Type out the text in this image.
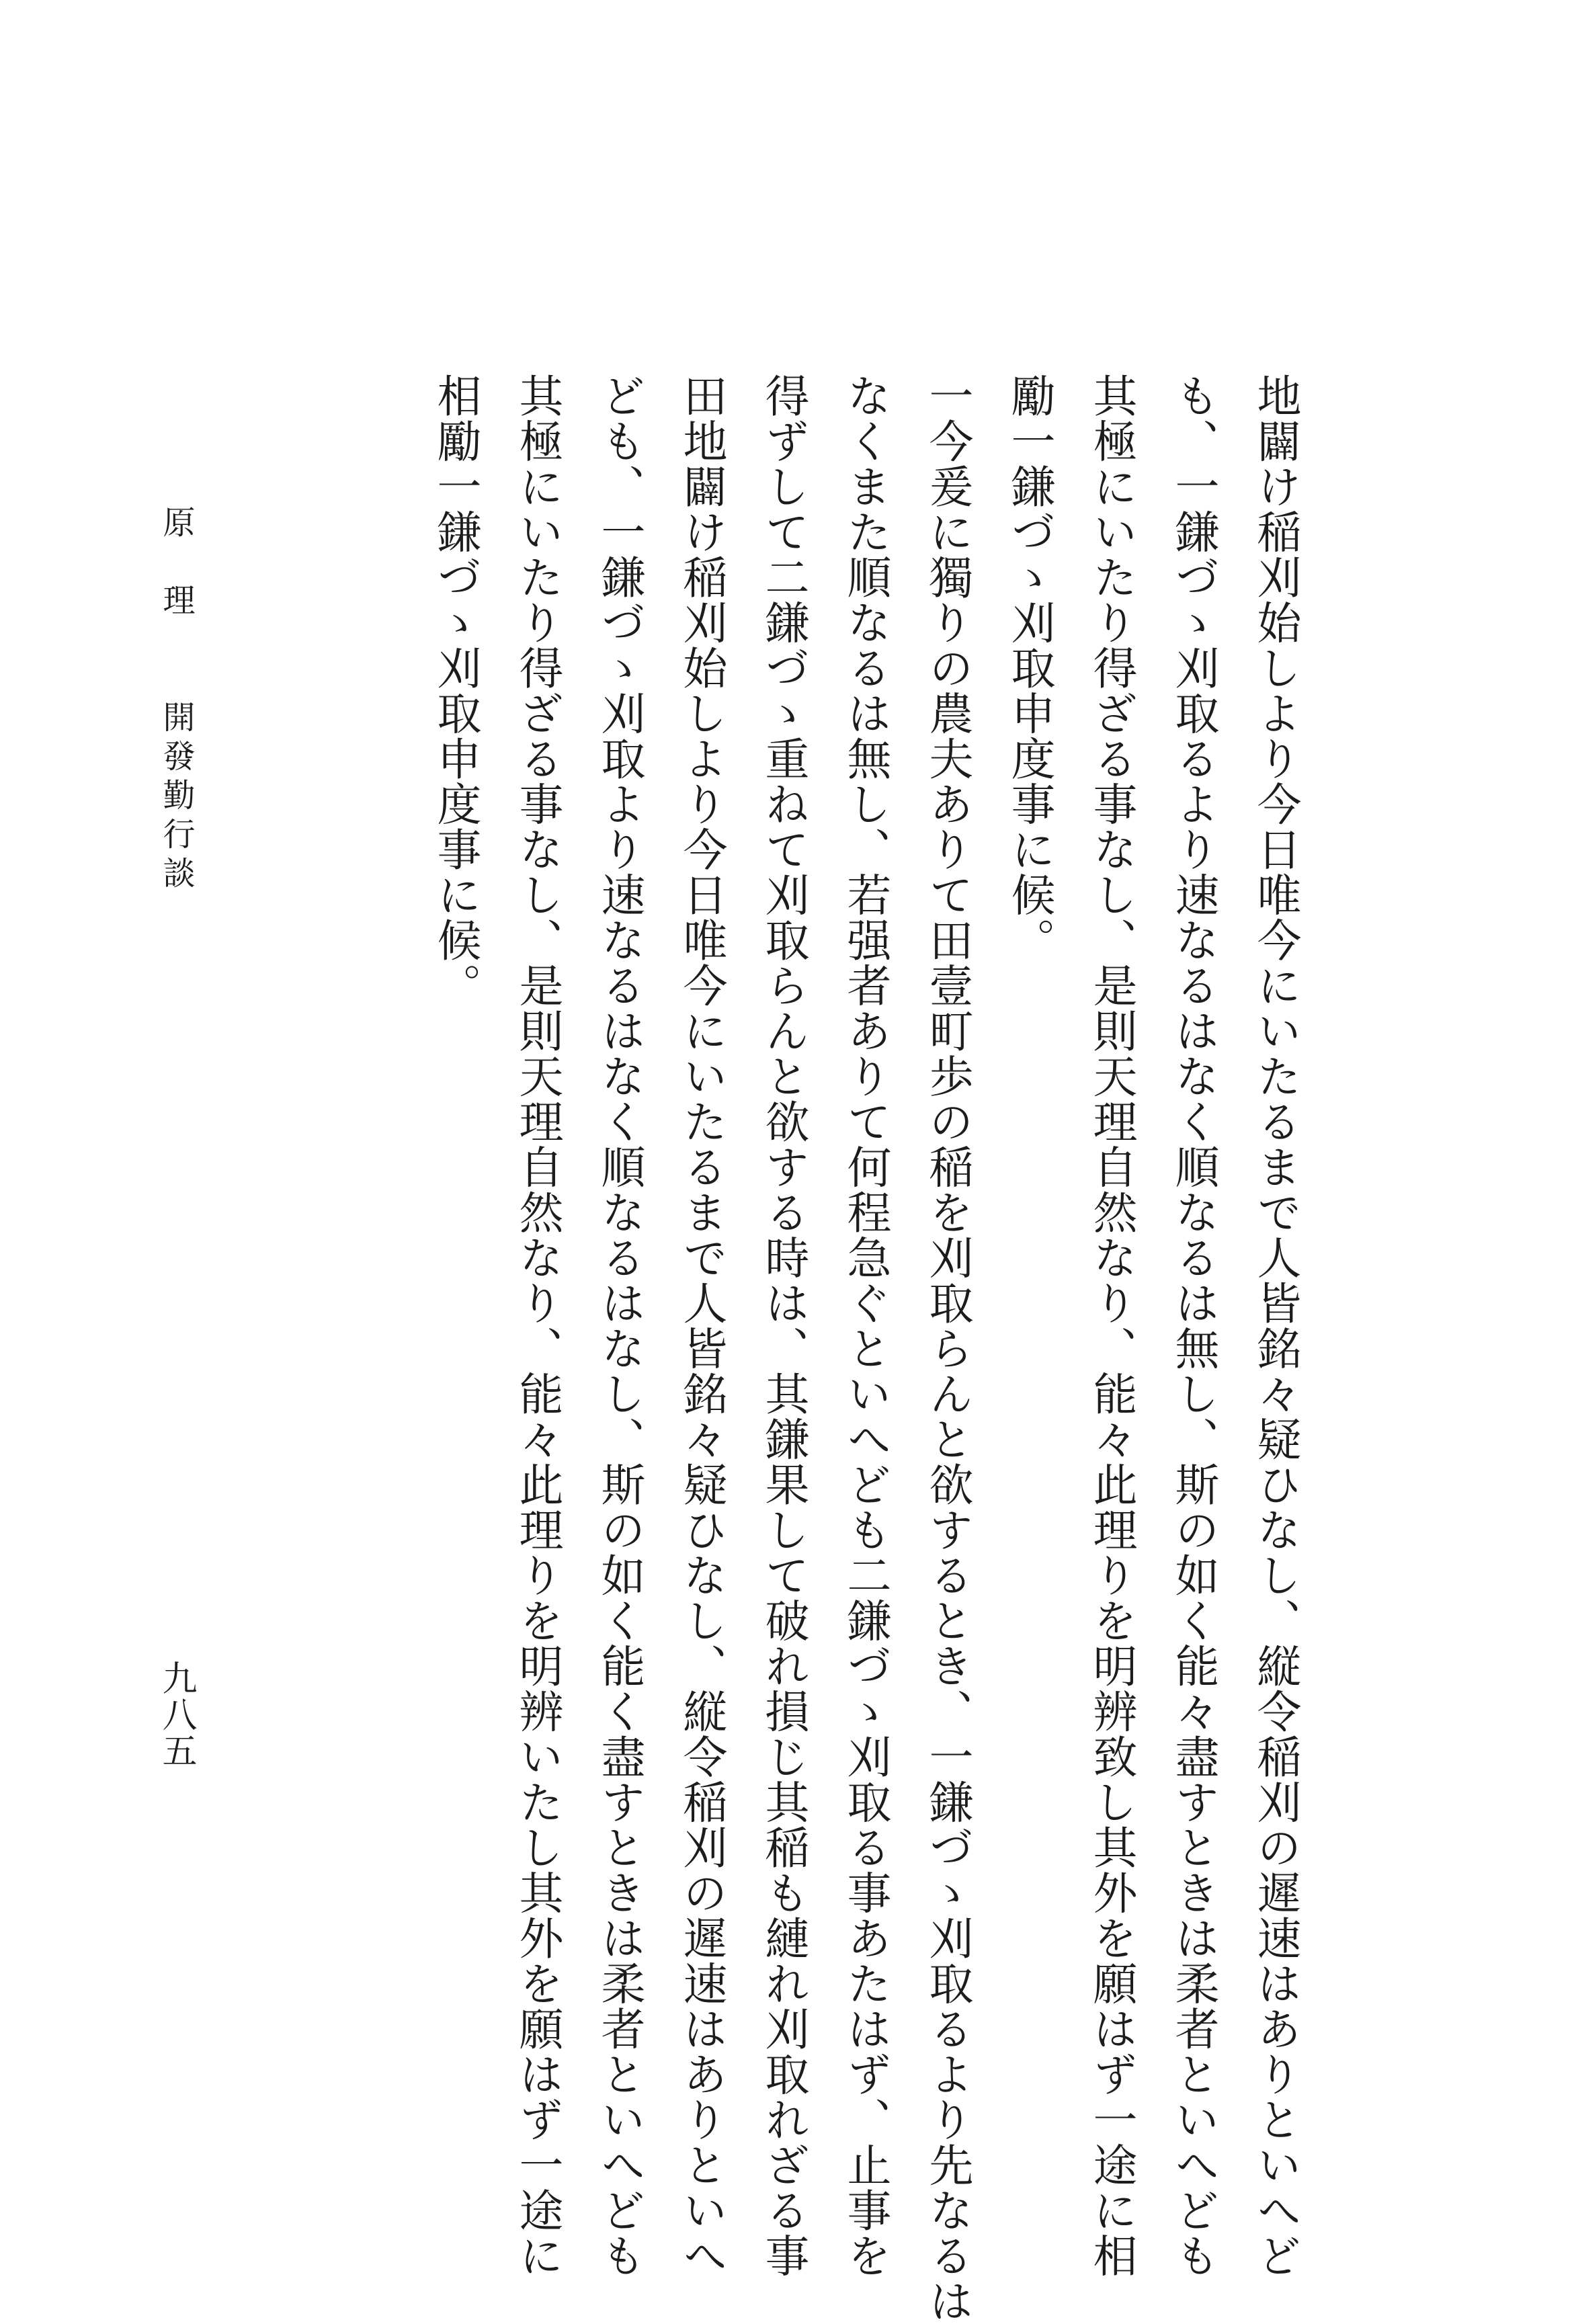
地闢け稲刈始しより今日唯今にいたるまで人皆銘々疑ひなし、縦令稲刈の遲速はありといへど

も、一鎌づゝ刈取るより速なるはなく順なるは無し、斯の如く能々盡すときは柔者といへども

其極にいたり得ざる事なし、是則天理自然なり、能々此理りを明辨致し其外を願はず一途に相

勵一鎌づゝ刈取申度事に候。

一今爰に獨りの農夫ありて田壹町歩の稲を刈取らんと欲するとき、一鎌づゝ刈取るより先なるは

なくまた順なるは無し、若强者ありて何程急ぐといへども二鎌づゝ刈取る事あたはず、止事を

得ずして二鎌づゝ重ねて刈取らんと欲する時は、其鎌果して破れ損じ其稲も縺れ刈取れざる事

田地闢け稲刈始しより今日唯今にいたるまで人皆銘々疑ひなし、縦令稲刈の遲速はありといへ

ども、一鎌づゝ刈取より速なるはなく順なるはなし、斯の如く能く盡すときは柔者といへども

其極にいたり得ざる事なし、是則天理自然なり、能々此理りを明辨いたし其外を願はず一途に

相勵一鎌づゝ刈取申度事に候。

原　理　　開發勤行談
九八五
